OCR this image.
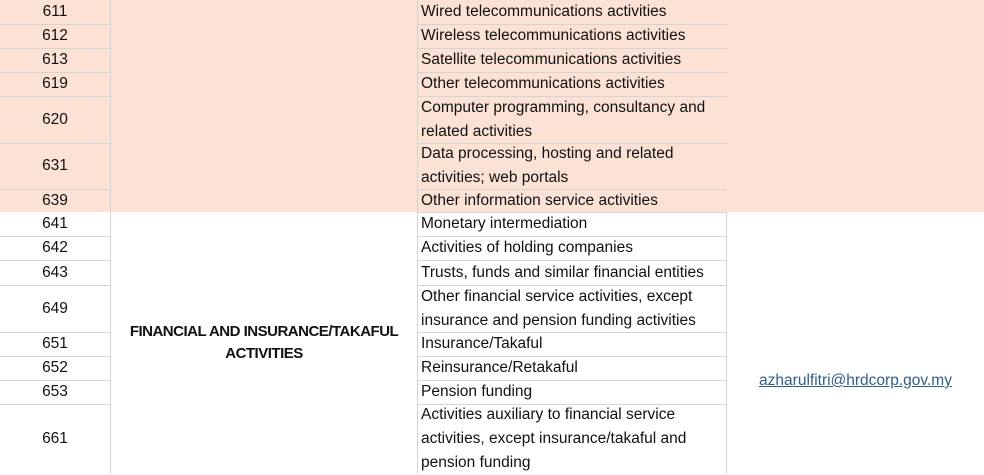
611
612
613
619
620
631
639
641
642
643
649
651
652
653
661
Wired telecommunications activities
Wireless telecommunications activities
Satellite telecommunications activities
Other telecommunications activities
Computer programming, consultancy and related activities
Data processing, hosting and related activities; web portals
Other information service activities
Monetary intermediation
Activities of holding companies
Trusts, funds and similar financial entities
Other financial service activities, except insurance and pension funding activities
Insurance/Takaful
Reinsurance/Retakaful
Pension funding
Activities auxiliary to financial service activities, except insurance/takaful and pension funding
FINANCIAL AND INSURANCE/TAKAFUL ACTIVITIES
azharulfitri@hrdcorp.gov.my
